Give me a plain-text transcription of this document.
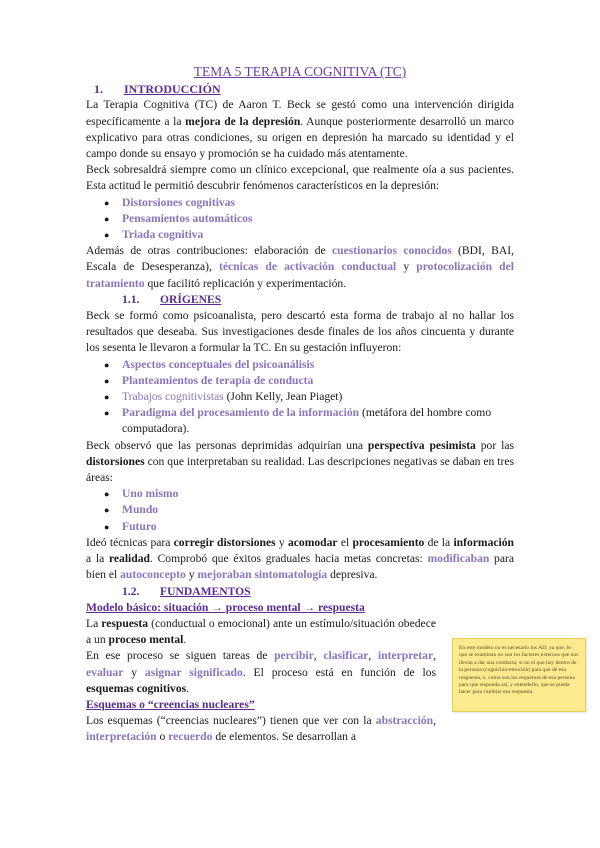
TEMA 5 TERAPIA COGNITIVA (TC)
1. INTRODUCCIÓN

La Terapia Cognitiva (TC) de Aaron T. Beck se gestó como una intervención dirigida específicamente a la mejora de la depresión. Aunque posteriormente desarrolló un marco explicativo para otras condiciones, su origen en depresión ha marcado su identidad y el campo donde su ensayo y promoción se ha cuidado más atentamente.

Beck sobresaldrá siempre como un clínico excepcional, que realmente oía a sus pacientes. Esta actitud le permitió descubrir fenómenos característicos en la depresión:

● Distorsiones cognitivas
● Pensamientos automáticos
● Triada cognitiva

Además de otras contribuciones: elaboración de cuestionarios conocidos (BDI, BAI, Escala de Desesperanza), técnicas de activación conductual y protocolización del tratamiento que facilitó replicación y experimentación.

1.1. ORÍGENES

Beck se formó como psicoanalista, pero descartó esta forma de trabajo al no hallar los resultados que deseaba. Sus investigaciones desde finales de los años cincuenta y durante los sesenta le llevaron a formular la TC. En su gestación influyeron:

● Aspectos conceptuales del psicoanálisis
● Planteamientos de terapia de conducta
● Trabajos cognitivistas (John Kelly, Jean Piaget)
● Paradigma del procesamiento de la información (metáfora del hombre como computadora).

Beck observó que las personas deprimidas adquirían una perspectiva pesimista por las distorsiones con que interpretaban su realidad. Las descripciones negativas se daban en tres áreas:

● Uno mismo
● Mundo
● Futuro

Ideó técnicas para corregir distorsiones y acomodar el procesamiento de la información a la realidad. Comprobó que éxitos graduales hacia metas concretas: modificaban para bien el autoconcepto y mejoraban sintomatología depresiva.

1.2. FUNDAMENTOS
Modelo básico: situación → proceso mental → respuesta

La respuesta (conductual o emocional) ante un estímulo/situación obedece a un proceso mental.

En ese proceso se siguen tareas de percibir, clasificar, interpretar, evaluar y asignar significado. El proceso está en función de los esquemas cognitivos.

Esquemas o “creencias nucleares”

Los esquemas (“creencias nucleares”) tienen que ver con la abstracción, interpretación o recuerdo de elementos. Se desarrollan a

En este modelo no es necesario los AD, ya que, lo que se examinan no son los factores externos que nos llevan a dar una conducta, si no el que hay dentro de la persona (cognición-emoción) para que dé esa respuesta, o, como son los esquemas de esa persona para que responda así, y entenderlo, que se pueda hacer para cambiar esa respuesta.
